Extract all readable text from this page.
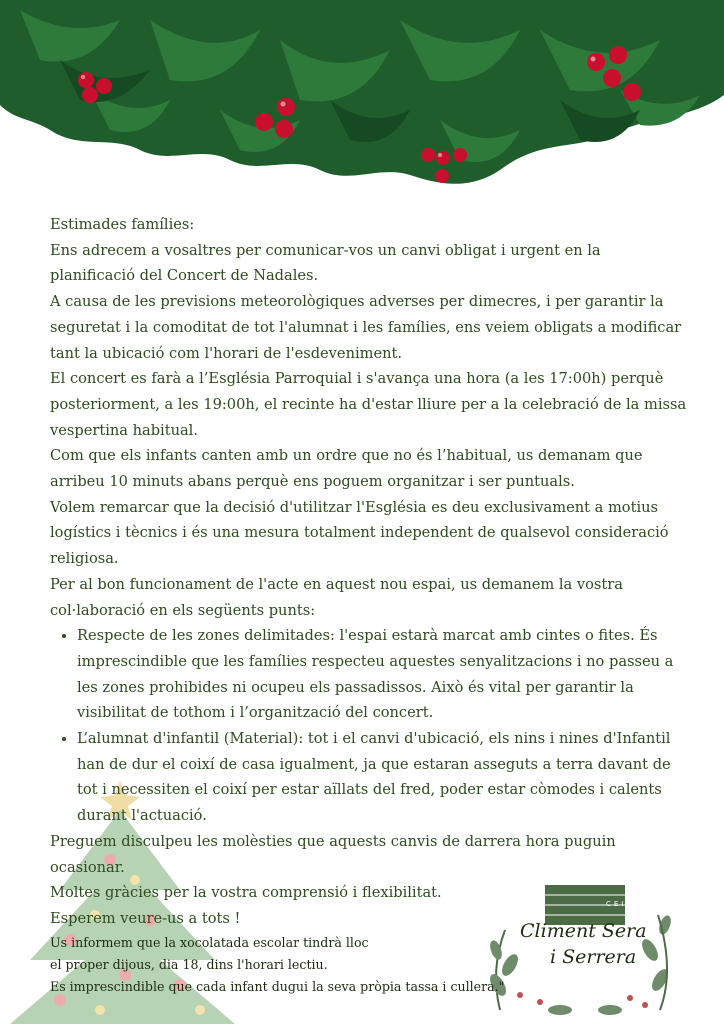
Climent Sera
i Serrera
CEIP

Estimades famílies:

Ens adrecem a vosaltres per comunicar-vos un canvi obligat i urgent en la planificació del Concert de Nadales.

A causa de les previsions meteorològiques adverses per dimecres, i per garantir la seguretat i la comoditat de tot l'alumnat i les famílies, ens veiem obligats a modificar tant la ubicació com l'horari de l'esdeveniment.

El concert es farà a l’Església Parroquial i s'avança una hora (a les 17:00h) perquè posteriorment, a les 19:00h, el recinte ha d'estar lliure per a la celebració de la missa vespertina habitual.

Com que els infants canten amb un ordre que no és l’habitual, us demanam que arribeu 10 minuts abans perquè ens poguem organitzar i ser puntuals.

Volem remarcar que la decisió d'utilitzar l'Església es deu exclusivament a motius logístics i tècnics i és una mesura totalment independent de qualsevol consideració religiosa.

Per al bon funcionament de l'acte en aquest nou espai, us demanem la vostra col·laboració en els següents punts:

• Respecte de les zones delimitades: l'espai estarà marcat amb cintes o fites. És imprescindible que les famílies respecteu aquestes senyalitzacions i no passeu a les zones prohibides ni ocupeu els passadissos. Això és vital per garantir la visibilitat de tothom i l’organització del concert.
• L’alumnat d'infantil (Material): tot i el canvi d'ubicació, els nins i nines d'Infantil han de dur el coixí de casa igualment, ja que estaran asseguts a terra davant de tot i necessiten el coixí per estar aïllats del fred, poder estar còmodes i calents durant l'actuació.

Preguem disculpeu les molèsties que aquests canvis de darrera hora puguin ocasionar.

Moltes gràcies per la vostra comprensió i flexibilitat.

Esperem veure-us a tots !

Us informem que la xocolatada escolar tindrà lloc

el proper dijous, dia 18, dins l'horari lectiu.

Es imprescindible que cada infant dugui la seva pròpia tassa i cullera."
